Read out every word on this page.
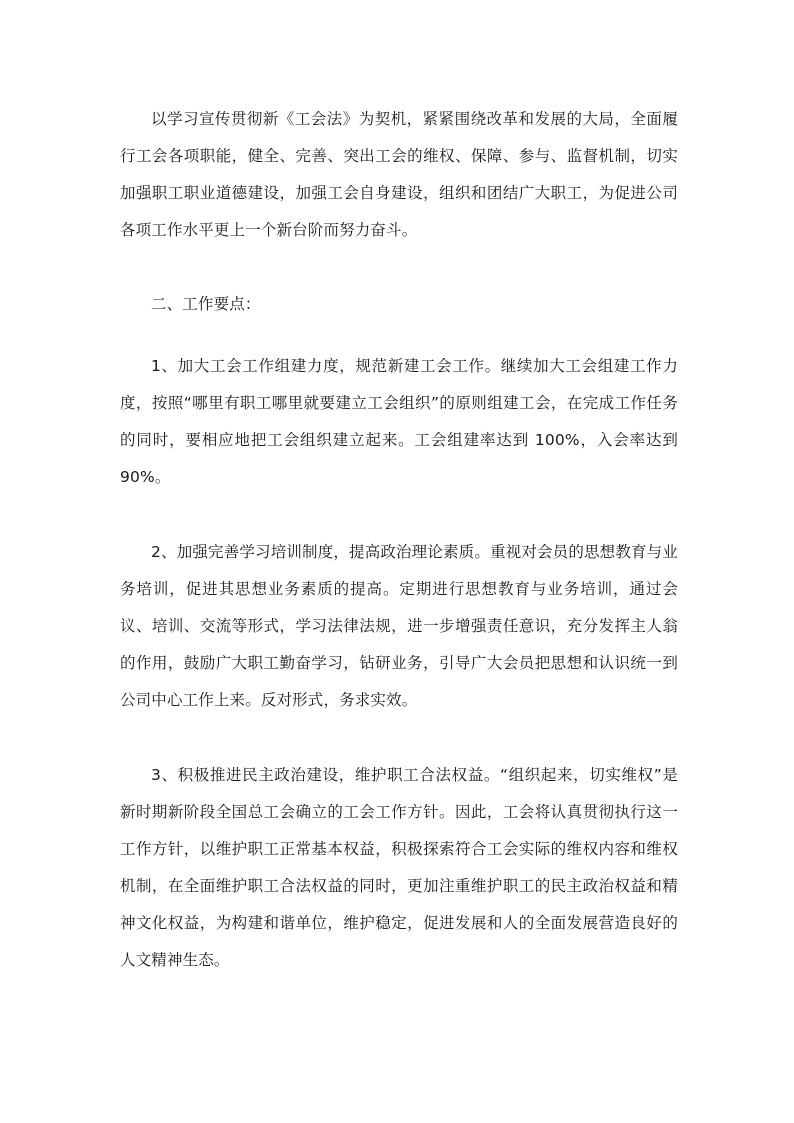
以学习宣传贯彻新《工会法》为契机，紧紧围绕改革和发展的大局，全面履行工会各项职能，健全、完善、突出工会的维权、保障、参与、监督机制，切实加强职工职业道德建设，加强工会自身建设，组织和团结广大职工，为促进公司各项工作水平更上一个新台阶而努力奋斗。

二、工作要点：

1、加大工会工作组建力度，规范新建工会工作。继续加大工会组建工作力度，按照“哪里有职工哪里就要建立工会组织”的原则组建工会，在完成工作任务的同时，要相应地把工会组织建立起来。工会组建率达到 100%，入会率达到90%。

2、加强完善学习培训制度，提高政治理论素质。重视对会员的思想教育与业务培训，促进其思想业务素质的提高。定期进行思想教育与业务培训，通过会议、培训、交流等形式，学习法律法规，进一步增强责任意识，充分发挥主人翁的作用，鼓励广大职工勤奋学习，钻研业务，引导广大会员把思想和认识统一到公司中心工作上来。反对形式，务求实效。

3、积极推进民主政治建设，维护职工合法权益。“组织起来，切实维权”是新时期新阶段全国总工会确立的工会工作方针。因此，工会将认真贯彻执行这一工作方针，以维护职工正常基本权益，积极探索符合工会实际的维权内容和维权机制，在全面维护职工合法权益的同时，更加注重维护职工的民主政治权益和精神文化权益，为构建和谐单位，维护稳定，促进发展和人的全面发展营造良好的人文精神生态。
